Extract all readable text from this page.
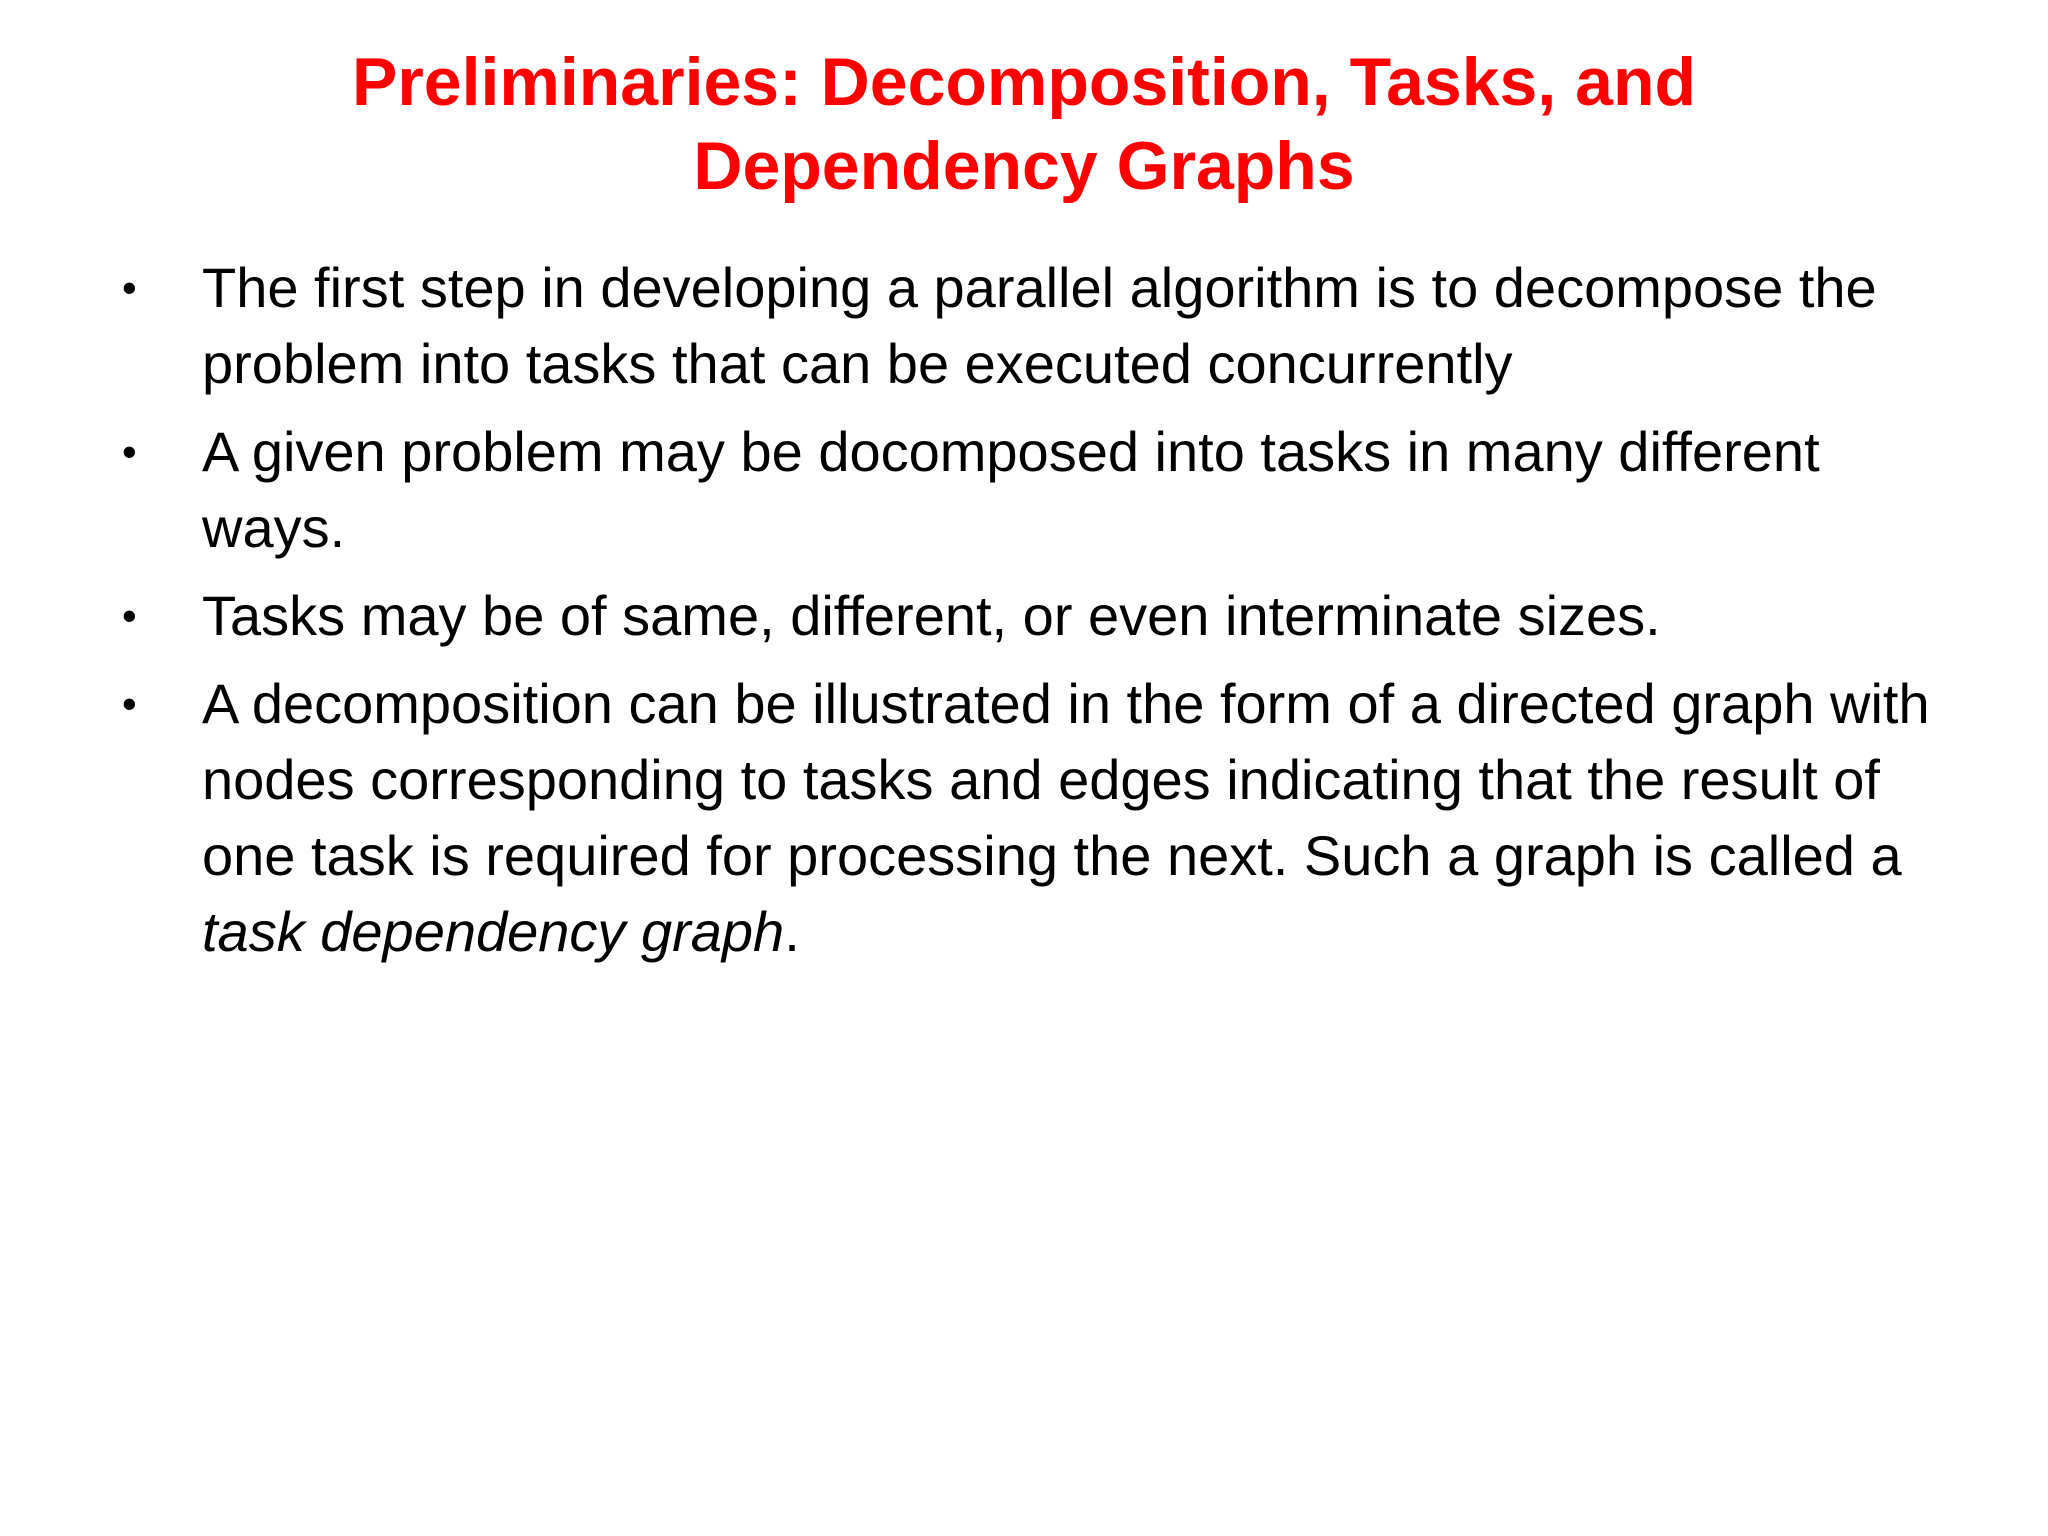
Preliminaries: Decomposition, Tasks, and
Dependency Graphs
• The first step in developing a parallel algorithm is to decompose the problem into tasks that can be executed concurrently
• A given problem may be docomposed into tasks in many different ways.
• Tasks may be of same, different, or even interminate sizes.
• A decomposition can be illustrated in the form of a directed graph with nodes corresponding to tasks and edges indicating that the result of one task is required for processing the next. Such a graph is called a task dependency graph.
